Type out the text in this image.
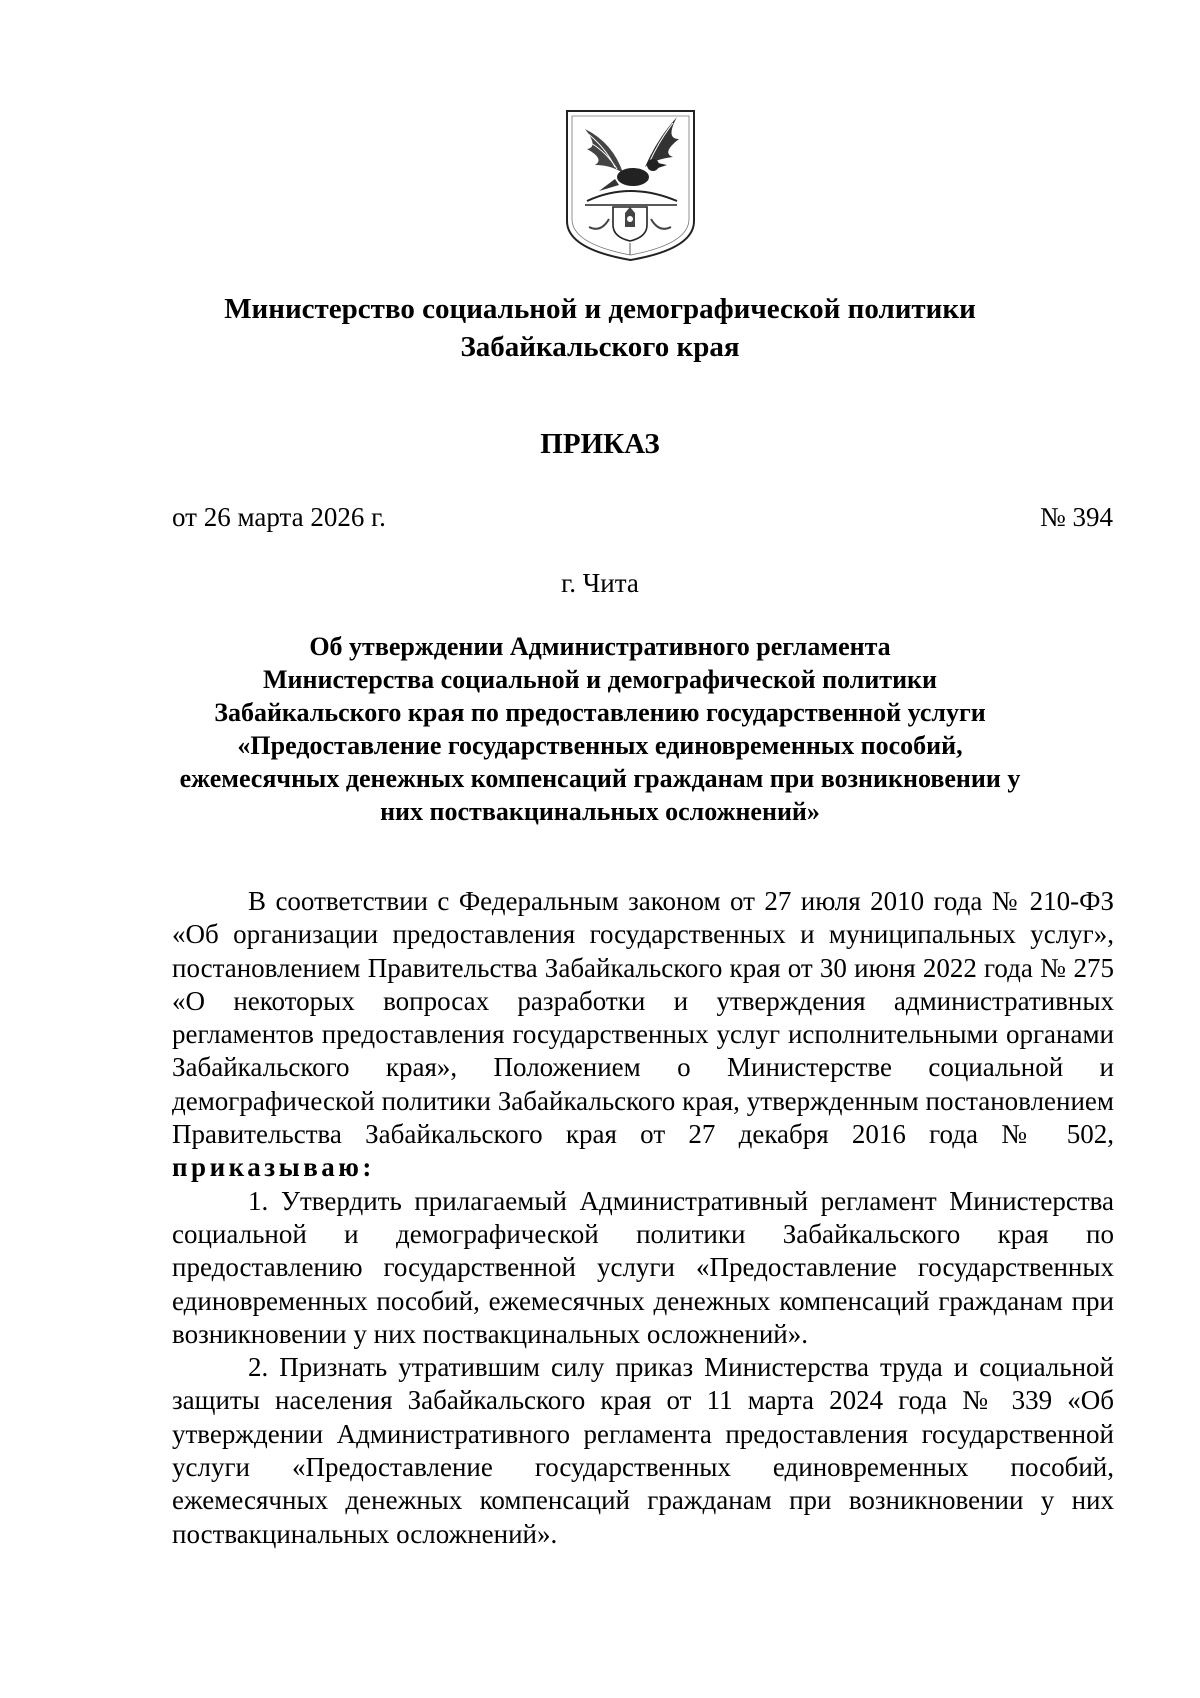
Министерство социальной и демографической политики
Забайкальского края
ПРИКАЗ
от 26 марта 2026 г.	№ 394
г. Чита
Об утверждении Административного регламента
Министерства социальной и демографической политики
Забайкальского края по предоставлению государственной услуги
«Предоставление государственных единовременных пособий,
ежемесячных денежных компенсаций гражданам при возникновении у
них поствакцинальных осложнений»

В соответствии с Федеральным законом от 27 июля 2010 года № 210-ФЗ «Об организации предоставления государственных и муниципальных услуг», постановлением Правительства Забайкальского края от 30 июня 2022 года № 275 «О некоторых вопросах разработки и утверждения административных регламентов предоставления государственных услуг исполнительными органами Забайкальского края», Положением о Министерстве социальной и демографической политики Забайкальского края, утвержденным постановлением Правительства Забайкальского края от 27 декабря 2016 года № 502, приказываю:

1. Утвердить прилагаемый Административный регламент Министерства социальной и демографической политики Забайкальского края по предоставлению государственной услуги «Предоставление государственных единовременных пособий, ежемесячных денежных компенсаций гражданам при возникновении у них поствакцинальных осложнений».

2. Признать утратившим силу приказ Министерства труда и социальной защиты населения Забайкальского края от 11 марта 2024 года № 339 «Об утверждении Административного регламента предоставления государственной услуги «Предоставление государственных единовременных пособий, ежемесячных денежных компенсаций гражданам при возникновении у них поствакцинальных осложнений».
